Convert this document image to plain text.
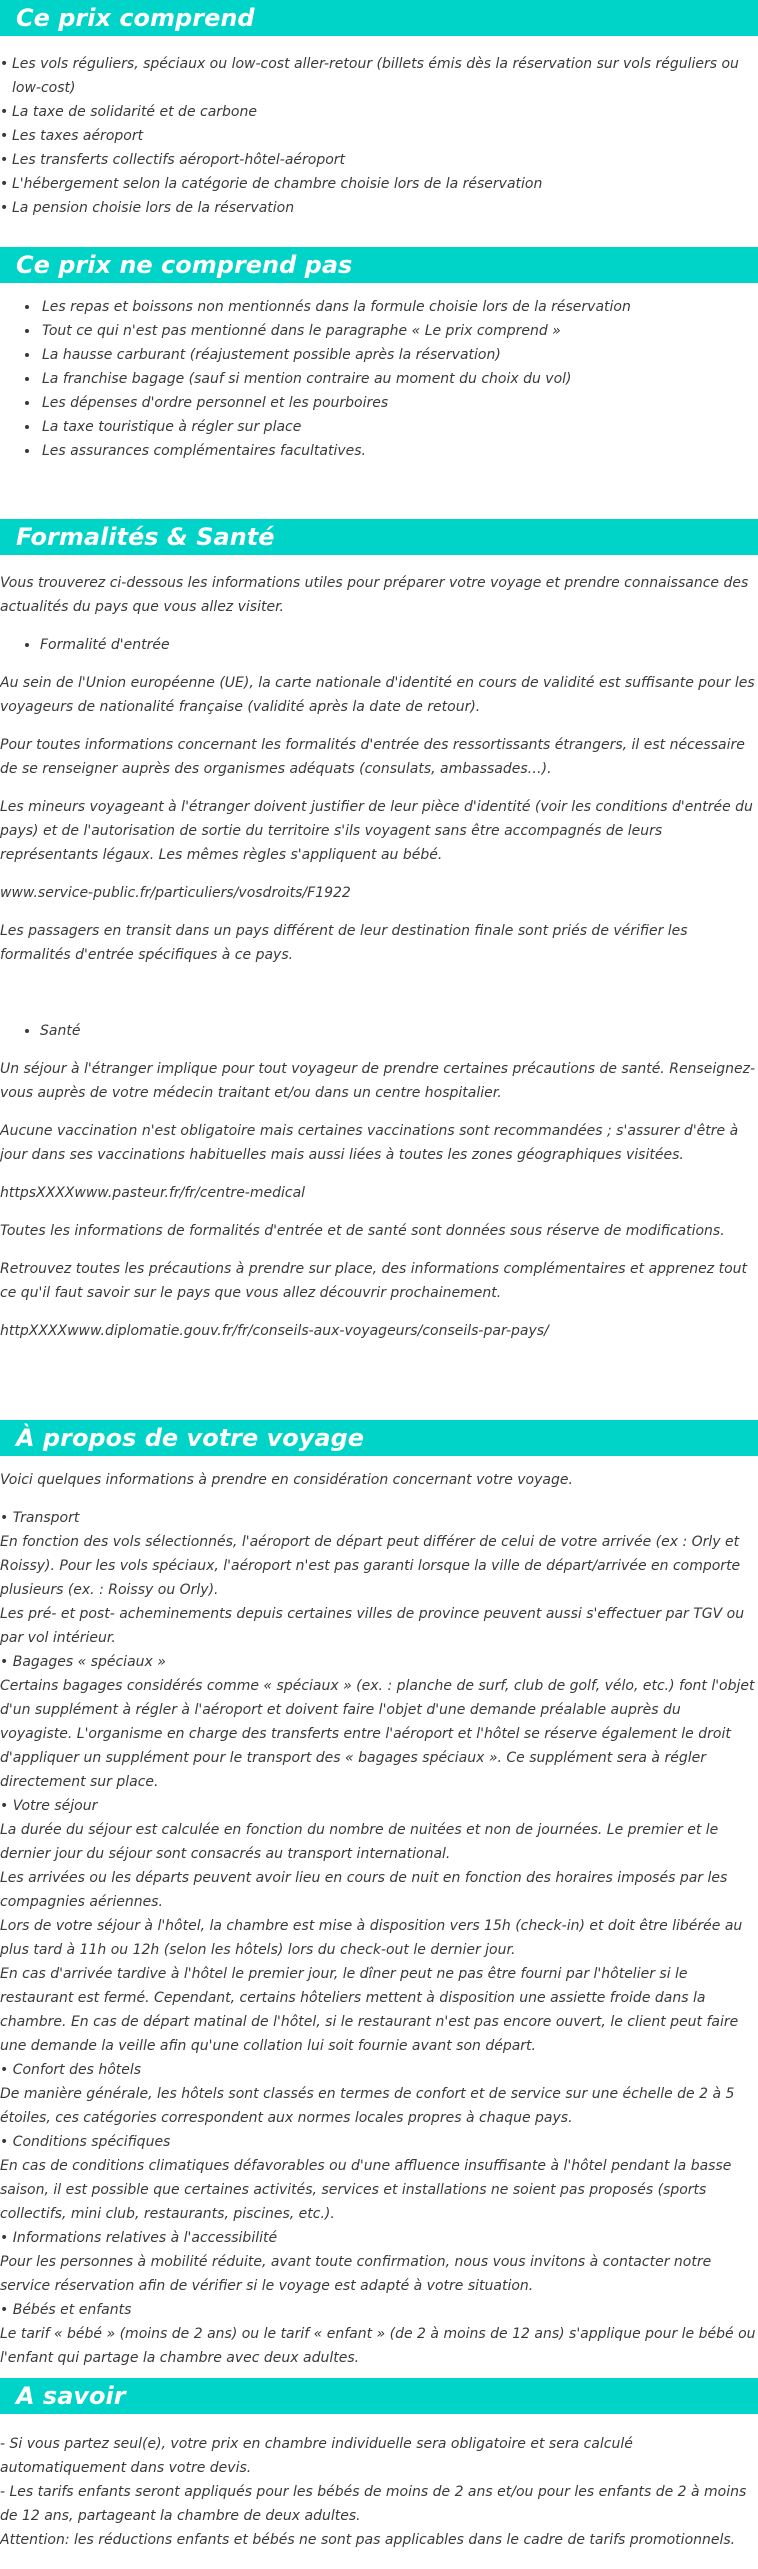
Ce prix comprend
• Les vols réguliers, spéciaux ou low-cost aller-retour (billets émis dès la réservation sur vols réguliers ou low-cost)
• La taxe de solidarité et de carbone
• Les taxes aéroport
• Les transferts collectifs aéroport-hôtel-aéroport
• L'hébergement selon la catégorie de chambre choisie lors de la réservation
• La pension choisie lors de la réservation
Ce prix ne comprend pas
• Les repas et boissons non mentionnés dans la formule choisie lors de la réservation
• Tout ce qui n'est pas mentionné dans le paragraphe « Le prix comprend »
• La hausse carburant (réajustement possible après la réservation)
• La franchise bagage (sauf si mention contraire au moment du choix du vol)
• Les dépenses d'ordre personnel et les pourboires
• La taxe touristique à régler sur place
• Les assurances complémentaires facultatives.
Formalités & Santé

Vous trouverez ci-dessous les informations utiles pour préparer votre voyage et prendre connaissance des actualités du pays que vous allez visiter.

• Formalité d'entrée

Au sein de l'Union européenne (UE), la carte nationale d'identité en cours de validité est suffisante pour les voyageurs de nationalité française (validité après la date de retour).

Pour toutes informations concernant les formalités d'entrée des ressortissants étrangers, il est nécessaire de se renseigner auprès des organismes adéquats (consulats, ambassades…).

Les mineurs voyageant à l'étranger doivent justifier de leur pièce d'identité (voir les conditions d'entrée du pays) et de l'autorisation de sortie du territoire s'ils voyagent sans être accompagnés de leurs représentants légaux. Les mêmes règles s'appliquent au bébé.

www.service-public.fr/particuliers/vosdroits/F1922

Les passagers en transit dans un pays différent de leur destination finale sont priés de vérifier les formalités d'entrée spécifiques à ce pays.

• Santé

Un séjour à l'étranger implique pour tout voyageur de prendre certaines précautions de santé. Renseignez-vous auprès de votre médecin traitant et/ou dans un centre hospitalier.

Aucune vaccination n'est obligatoire mais certaines vaccinations sont recommandées ; s'assurer d'être à jour dans ses vaccinations habituelles mais aussi liées à toutes les zones géographiques visitées.

httpsXXXXwww.pasteur.fr/fr/centre-medical

Toutes les informations de formalités d'entrée et de santé sont données sous réserve de modifications.

Retrouvez toutes les précautions à prendre sur place, des informations complémentaires et apprenez tout ce qu'il faut savoir sur le pays que vous allez découvrir prochainement.

httpXXXXwww.diplomatie.gouv.fr/fr/conseils-aux-voyageurs/conseils-par-pays/

À propos de votre voyage

Voici quelques informations à prendre en considération concernant votre voyage.

• Transport
En fonction des vols sélectionnés, l'aéroport de départ peut différer de celui de votre arrivée (ex : Orly et Roissy). Pour les vols spéciaux, l'aéroport n'est pas garanti lorsque la ville de départ/arrivée en comporte plusieurs (ex. : Roissy ou Orly).
Les pré- et post- acheminements depuis certaines villes de province peuvent aussi s'effectuer par TGV ou par vol intérieur.
• Bagages « spéciaux »
Certains bagages considérés comme « spéciaux » (ex. : planche de surf, club de golf, vélo, etc.) font l'objet d'un supplément à régler à l'aéroport et doivent faire l'objet d'une demande préalable auprès du voyagiste. L'organisme en charge des transferts entre l'aéroport et l'hôtel se réserve également le droit d'appliquer un supplément pour le transport des « bagages spéciaux ». Ce supplément sera à régler directement sur place.
• Votre séjour
La durée du séjour est calculée en fonction du nombre de nuitées et non de journées. Le premier et le dernier jour du séjour sont consacrés au transport international.
Les arrivées ou les départs peuvent avoir lieu en cours de nuit en fonction des horaires imposés par les compagnies aériennes.
Lors de votre séjour à l'hôtel, la chambre est mise à disposition vers 15h (check-in) et doit être libérée au plus tard à 11h ou 12h (selon les hôtels) lors du check-out le dernier jour.
En cas d'arrivée tardive à l'hôtel le premier jour, le dîner peut ne pas être fourni par l'hôtelier si le restaurant est fermé. Cependant, certains hôteliers mettent à disposition une assiette froide dans la chambre. En cas de départ matinal de l'hôtel, si le restaurant n'est pas encore ouvert, le client peut faire une demande la veille afin qu'une collation lui soit fournie avant son départ.
• Confort des hôtels
De manière générale, les hôtels sont classés en termes de confort et de service sur une échelle de 2 à 5 étoiles, ces catégories correspondent aux normes locales propres à chaque pays.
• Conditions spécifiques
En cas de conditions climatiques défavorables ou d'une affluence insuffisante à l'hôtel pendant la basse saison, il est possible que certaines activités, services et installations ne soient pas proposés (sports collectifs, mini club, restaurants, piscines, etc.).
• Informations relatives à l'accessibilité
Pour les personnes à mobilité réduite, avant toute confirmation, nous vous invitons à contacter notre service réservation afin de vérifier si le voyage est adapté à votre situation.
• Bébés et enfants
Le tarif « bébé » (moins de 2 ans) ou le tarif « enfant » (de 2 à moins de 12 ans) s'applique pour le bébé ou l'enfant qui partage la chambre avec deux adultes.
A savoir
- Si vous partez seul(e), votre prix en chambre individuelle sera obligatoire et sera calculé automatiquement dans votre devis.
- Les tarifs enfants seront appliqués pour les bébés de moins de 2 ans et/ou pour les enfants de 2 à moins de 12 ans, partageant la chambre de deux adultes.
Attention: les réductions enfants et bébés ne sont pas applicables dans le cadre de tarifs promotionnels.
